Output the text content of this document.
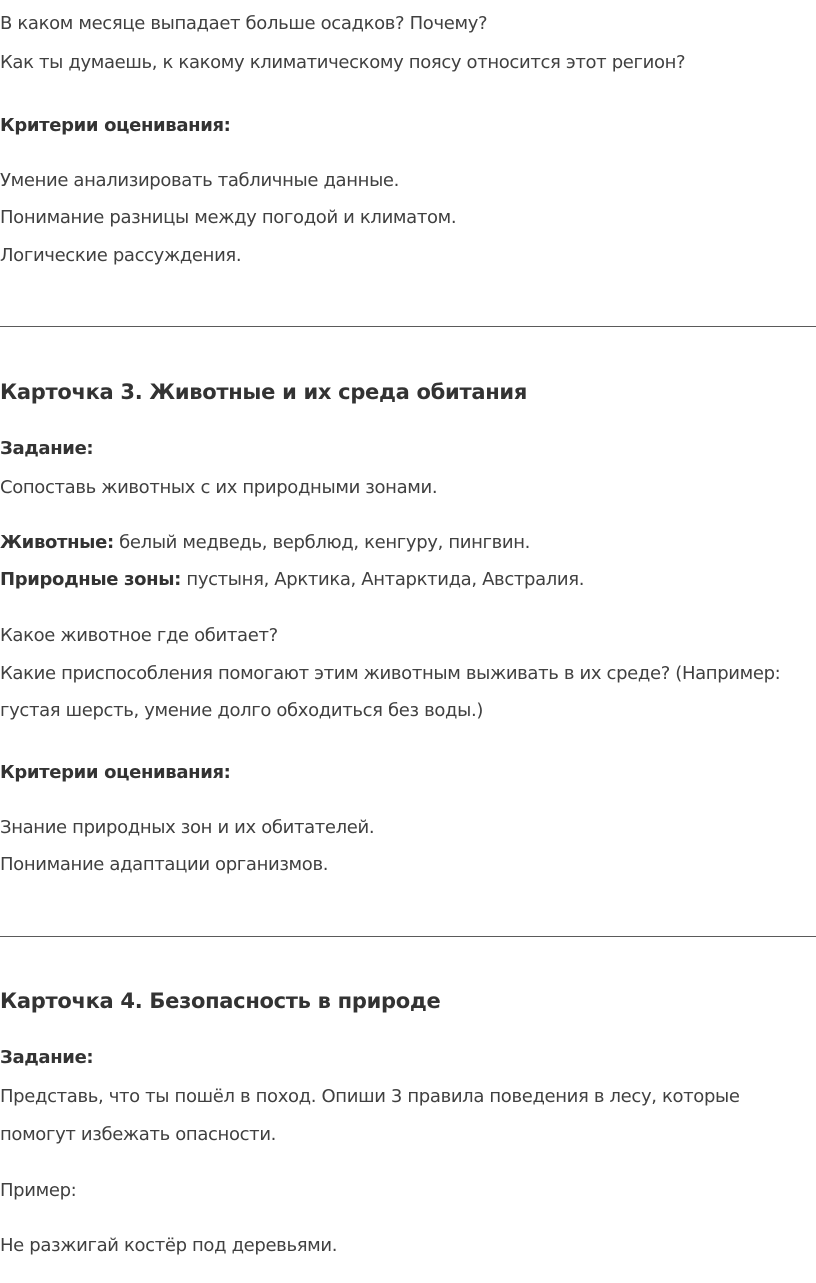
В каком месяце выпадает больше осадков? Почему?

Как ты думаешь, к какому климатическому поясу относится этот регион?

Критерии оценивания:

Умение анализировать табличные данные.

Понимание разницы между погодой и климатом.

Логические рассуждения.

Карточка 3. Животные и их среда обитания

Задание:

Сопоставь животных с их природными зонами.

Животные: белый медведь, верблюд, кенгуру, пингвин.

Природные зоны: пустыня, Арктика, Антарктида, Австралия.

Какое животное где обитает?

Какие приспособления помогают этим животным выживать в их среде? (Например:

густая шерсть, умение долго обходиться без воды.)

Критерии оценивания:

Знание природных зон и их обитателей.

Понимание адаптации организмов.

Карточка 4. Безопасность в природе

Задание:

Представь, что ты пошёл в поход. Опиши 3 правила поведения в лесу, которые

помогут избежать опасности.

Пример:

Не разжигай костёр под деревьями.
